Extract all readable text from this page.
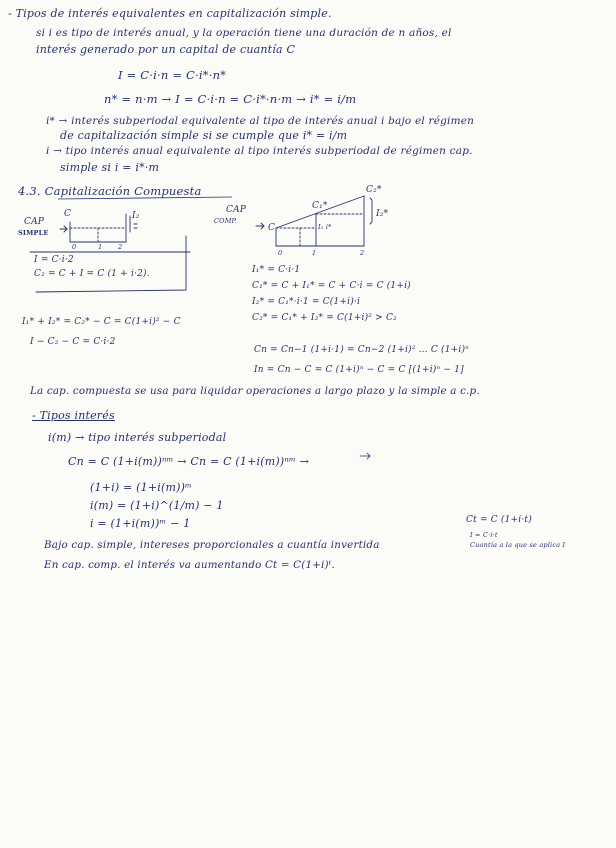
- Tipos de interés equivalentes en capitalización simple.
si i es tipo de interés anual, y la operación tiene una duración de n años, el
interés generado por un capital de cuantía C
I = C·i·n = C·i*·n*
n* = n·m → I = C·i·n = C·i*·n·m → i* = i/m
i* → interés subperiodal equivalente al tipo de interés anual i bajo el régimen
de capitalización simple si se cumple que i* = i/m
i → tipo interés anual equivalente al tipo interés subperiodal de régimen cap.
simple si i = i*·m
4.3. Capitalización Compuesta
CAP
SIMPLE
C	I₂
0	1 2
I = C·i·2
C₂ = C + I = C (1 + i·2).
CAP
COMP.
C
C₁*
C₂*
I₂*
I₁ i*
0	1	2
I₁* = C·i·1
C₁* = C + I₁* = C + C·i = C (1+i)
I₂* = C₁*·i·1 = C(1+i)·i
C₂* = C₁* + I₂* = C(1+i)² > C₂
I₁* + I₂* = C₂* − C = C(1+i)² − C
I − C₂ − C = C·i·2
Cn = Cn−1 (1+i·1) = Cn−2 (1+i)² ... C (1+i)ⁿ
In = Cn − C = C (1+i)ⁿ − C = C [(1+i)ⁿ − 1]
La cap. compuesta se usa para liquidar operaciones a largo plazo y la simple a c.p.
- Tipos interés
i(m) → tipo interés subperiodal
Cn = C (1+i(m))ⁿᵐ → Cn = C (1+i(m))ⁿᵐ →
(1+i) = (1+i(m))ᵐ
i(m) = (1+i)^(1/m) − 1
i = (1+i(m))ᵐ − 1
Bajo cap. simple, intereses proporcionales a cuantía invertida
Ct = C (1+i·t)
I = C·i·t
Cuantía a la que se aplica I
En cap. comp. el interés va aumentando Ct = C(1+i)ᵗ.
